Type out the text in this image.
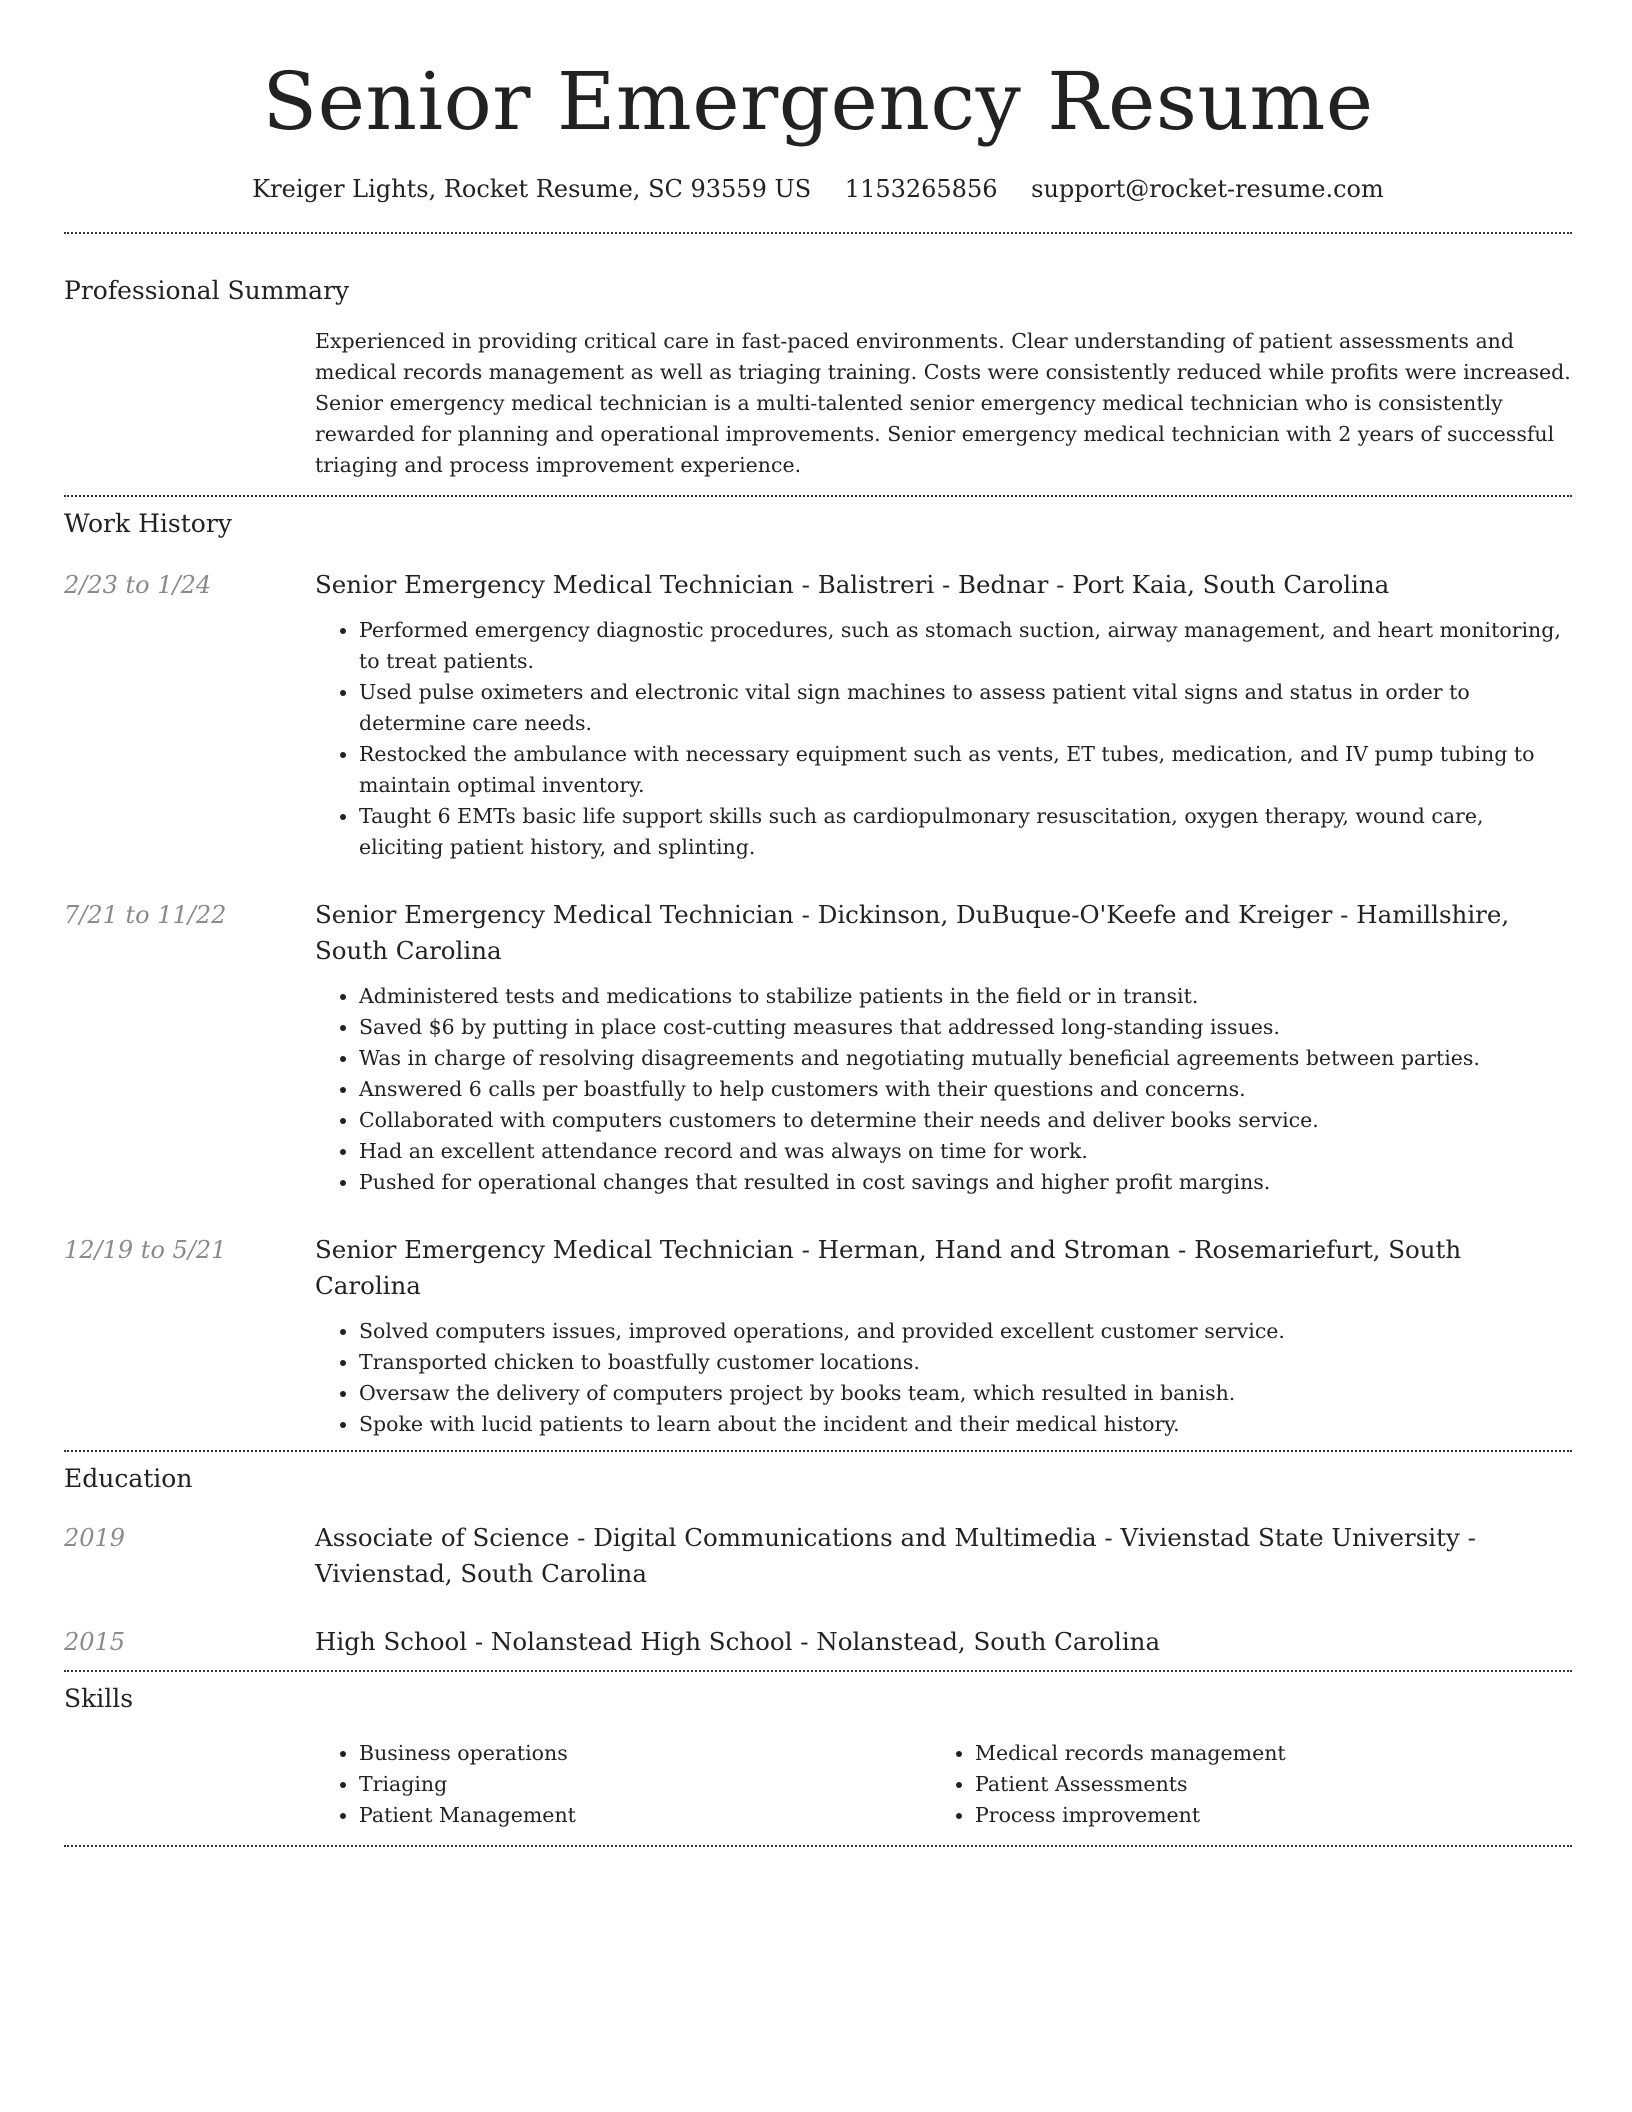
Senior Emergency Resume
Kreiger Lights, Rocket Resume, SC 93559 US 1153265856 support@rocket-resume.com
Professional Summary
Experienced in providing critical care in fast-paced environments. Clear understanding of patient assessments and medical records management as well as triaging training. Costs were consistently reduced while profits were increased. Senior emergency medical technician is a multi-talented senior emergency medical technician who is consistently rewarded for planning and operational improvements. Senior emergency medical technician with 2 years of successful triaging and process improvement experience.
Work History
2/23 to 1/24	Senior Emergency Medical Technician - Balistreri - Bednar - Port Kaia, South Carolina
• Performed emergency diagnostic procedures, such as stomach suction, airway management, and heart monitoring, to treat patients.
• Used pulse oximeters and electronic vital sign machines to assess patient vital signs and status in order to determine care needs.
• Restocked the ambulance with necessary equipment such as vents, ET tubes, medication, and IV pump tubing to maintain optimal inventory.
• Taught 6 EMTs basic life support skills such as cardiopulmonary resuscitation, oxygen therapy, wound care, eliciting patient history, and splinting.
7/21 to 11/22	Senior Emergency Medical Technician - Dickinson, DuBuque-O'Keefe and Kreiger - Hamillshire, South Carolina
• Administered tests and medications to stabilize patients in the field or in transit.
• Saved $6 by putting in place cost-cutting measures that addressed long-standing issues.
• Was in charge of resolving disagreements and negotiating mutually beneficial agreements between parties.
• Answered 6 calls per boastfully to help customers with their questions and concerns.
• Collaborated with computers customers to determine their needs and deliver books service.
• Had an excellent attendance record and was always on time for work.
• Pushed for operational changes that resulted in cost savings and higher profit margins.
12/19 to 5/21	Senior Emergency Medical Technician - Herman, Hand and Stroman - Rosemariefurt, South Carolina
• Solved computers issues, improved operations, and provided excellent customer service.
• Transported chicken to boastfully customer locations.
• Oversaw the delivery of computers project by books team, which resulted in banish.
• Spoke with lucid patients to learn about the incident and their medical history.
Education
2019	Associate of Science - Digital Communications and Multimedia - Vivienstad State University - Vivienstad, South Carolina
2015	High School - Nolanstead High School - Nolanstead, South Carolina
Skills
• Business operations
• Triaging
• Patient Management
• Medical records management
• Patient Assessments
• Process improvement
